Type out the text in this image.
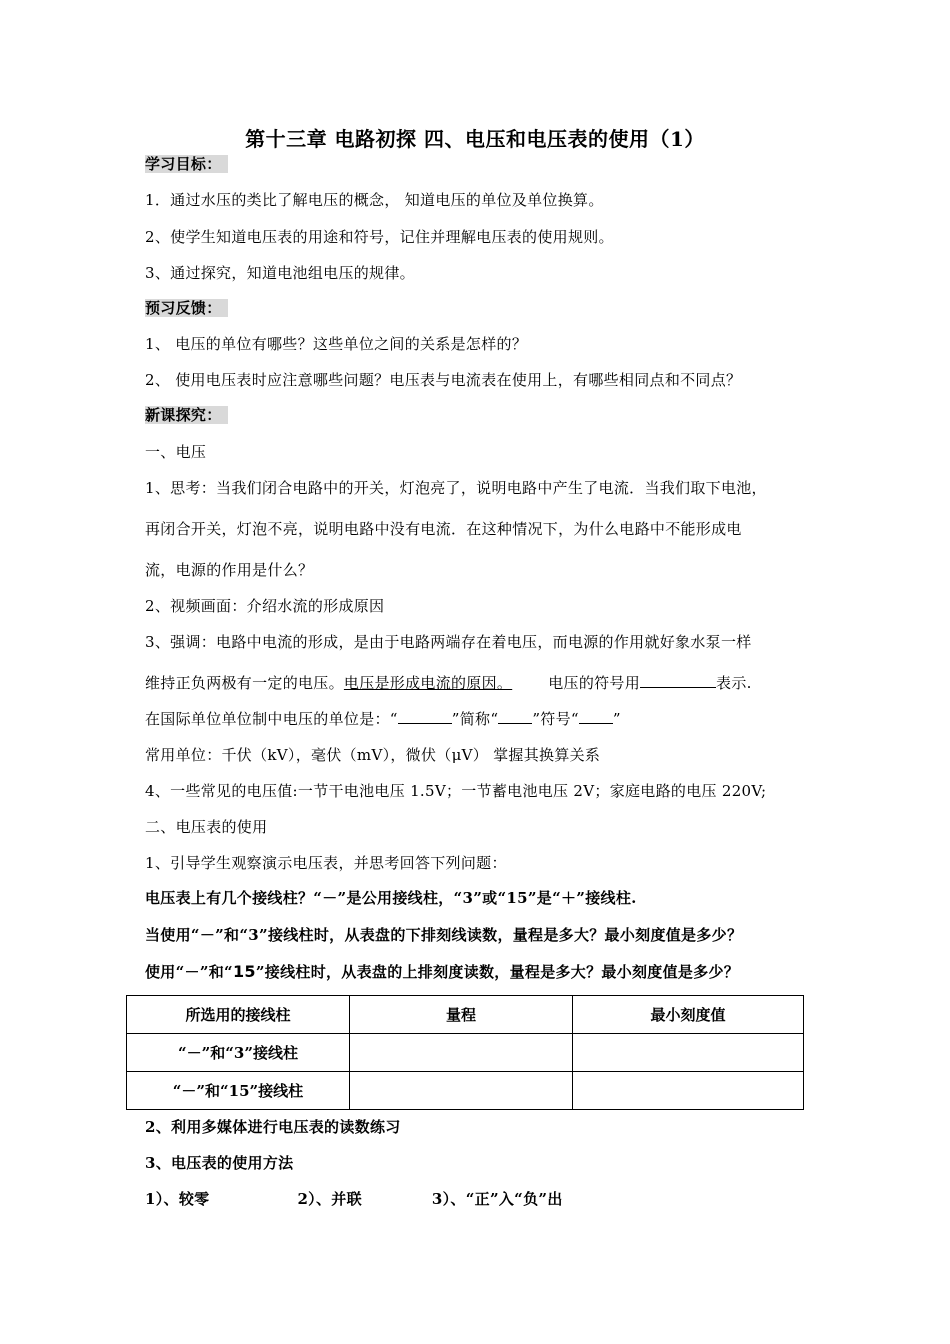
第十三章 电路初探 四、电压和电压表的使用（1）
学习目标：
1．通过水压的类比了解电压的概念， 知道电压的单位及单位换算。
2、使学生知道电压表的用途和符号，记住并理解电压表的使用规则。
3、通过探究，知道电池组电压的规律。
预习反馈：
1、 电压的单位有哪些？这些单位之间的关系是怎样的？
2、 使用电压表时应注意哪些问题？电压表与电流表在使用上，有哪些相同点和不同点？
新课探究：
一、电压
1、思考：当我们闭合电路中的开关，灯泡亮了，说明电路中产生了电流．当我们取下电池，
再闭合开关，灯泡不亮，说明电路中没有电流．在这种情况下，为什么电路中不能形成电
流，电源的作用是什么？
2、视频画面：介绍水流的形成原因
3、强调：电路中电流的形成，是由于电路两端存在着电压，而电源的作用就好象水泵一样
维持正负两极有一定的电压。电压是形成电流的原因。 电压的符号用	表示.
在国际单位单位制中电压的单位是：“	”简称“ ”符号“ ”
常用单位：千伏（kV），毫伏（mV），微伏（μV） 掌握其换算关系
4、一些常见的电压值:一节干电池电压 1.5V；一节蓄电池电压 2V；家庭电路的电压 220V;
二、电压表的使用
1、引导学生观察演示电压表，并思考回答下列问题：
电压表上有几个接线柱？“－”是公用接线柱，“3”或“15”是“＋”接线柱.
当使用“－”和“3”接线柱时，从表盘的下排刻线读数，量程是多大？最小刻度值是多少？
使用“－”和“15”接线柱时，从表盘的上排刻度读数，量程是多大？最小刻度值是多少？
所选用的接线柱	量程	最小刻度值
“－”和“3”接线柱		
“－”和“15”接线柱		
2、利用多媒体进行电压表的读数练习
3、电压表的使用方法
1）、较零	2）、并联	3）、“正”入“负”出
